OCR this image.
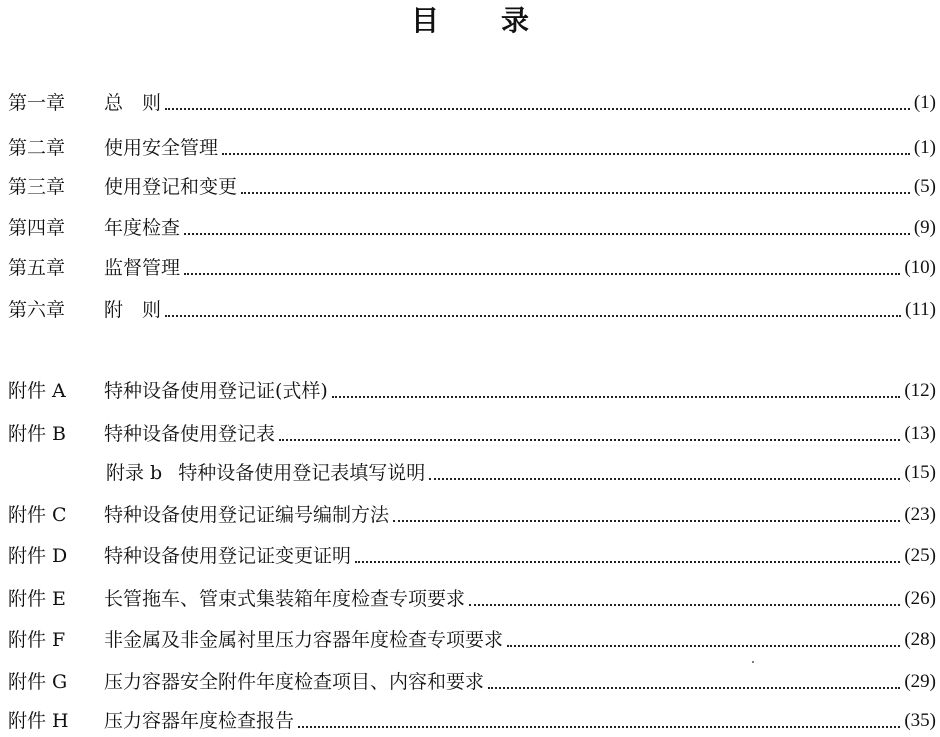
目 录
第一章	总　则	(1)
第二章	使用安全管理	(1)
第三章	使用登记和变更	(5)
第四章	年度检查	(9)
第五章	监督管理	(10)
第六章	附　则	(11)
附件 A	特种设备使用登记证(式样)	(12)
附件 B	特种设备使用登记表	(13)
附录 b 特种设备使用登记表填写说明	(15)
附件 C	特种设备使用登记证编号编制方法	(23)
附件 D	特种设备使用登记证变更证明	(25)
附件 E	长管拖车、管束式集装箱年度检查专项要求	(26)
附件 F	非金属及非金属衬里压力容器年度检查专项要求	(28)
附件 G	压力容器安全附件年度检查项目、内容和要求	(29)
附件 H	压力容器年度检查报告	(35)
